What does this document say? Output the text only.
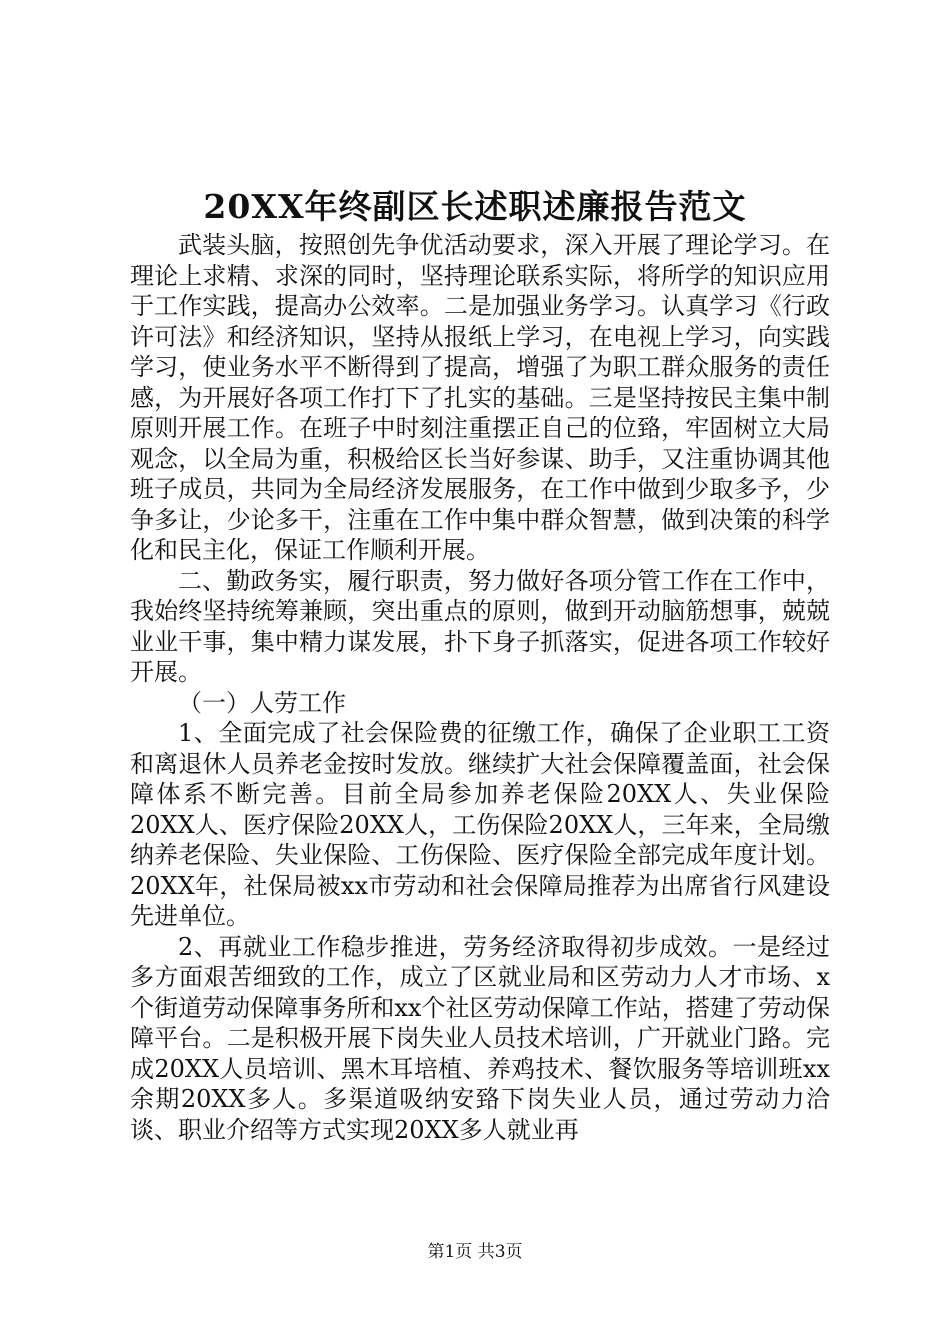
20XX年终副区长述职述廉报告范文

武装头脑，按照创先争优活动要求，深入开展了理论学习。在理论上求精、求深的同时，坚持理论联系实际，将所学的知识应用于工作实践，提高办公效率。二是加强业务学习。认真学习《行政许可法》和经济知识，坚持从报纸上学习，在电视上学习，向实践学习，使业务水平不断得到了提高，增强了为职工群众服务的责任感，为开展好各项工作打下了扎实的基础。三是坚持按民主集中制原则开展工作。在班子中时刻注重摆正自己的位臵，牢固树立大局观念，以全局为重，积极给区长当好参谋、助手，又注重协调其他班子成员，共同为全局经济发展服务，在工作中做到少取多予，少争多让，少论多干，注重在工作中集中群众智慧，做到决策的科学化和民主化，保证工作顺利开展。

二、勤政务实，履行职责，努力做好各项分管工作在工作中，我始终坚持统筹兼顾，突出重点的原则，做到开动脑筋想事，兢兢业业干事，集中精力谋发展，扑下身子抓落实，促进各项工作较好开展。

（一）人劳工作

1、全面完成了社会保险费的征缴工作，确保了企业职工工资和离退休人员养老金按时发放。继续扩大社会保障覆盖面，社会保障体系不断完善。目前全局参加养老保险20XX人、失业保险20XX人、医疗保险20XX人，工伤保险20XX人，三年来，全局缴纳养老保险、失业保险、工伤保险、医疗保险全部完成年度计划。20XX年，社保局被xx市劳动和社会保障局推荐为出席省行风建设先进单位。

2、再就业工作稳步推进，劳务经济取得初步成效。一是经过多方面艰苦细致的工作，成立了区就业局和区劳动力人才市场、x个街道劳动保障事务所和xx个社区劳动保障工作站，搭建了劳动保障平台。二是积极开展下岗失业人员技术培训，广开就业门路。完成20XX人员培训、黑木耳培植、养鸡技术、餐饮服务等培训班xx余期20XX多人。多渠道吸纳安臵下岗失业人员，通过劳动力洽谈、职业介绍等方式实现20XX多人就业再

第1页 共3页
